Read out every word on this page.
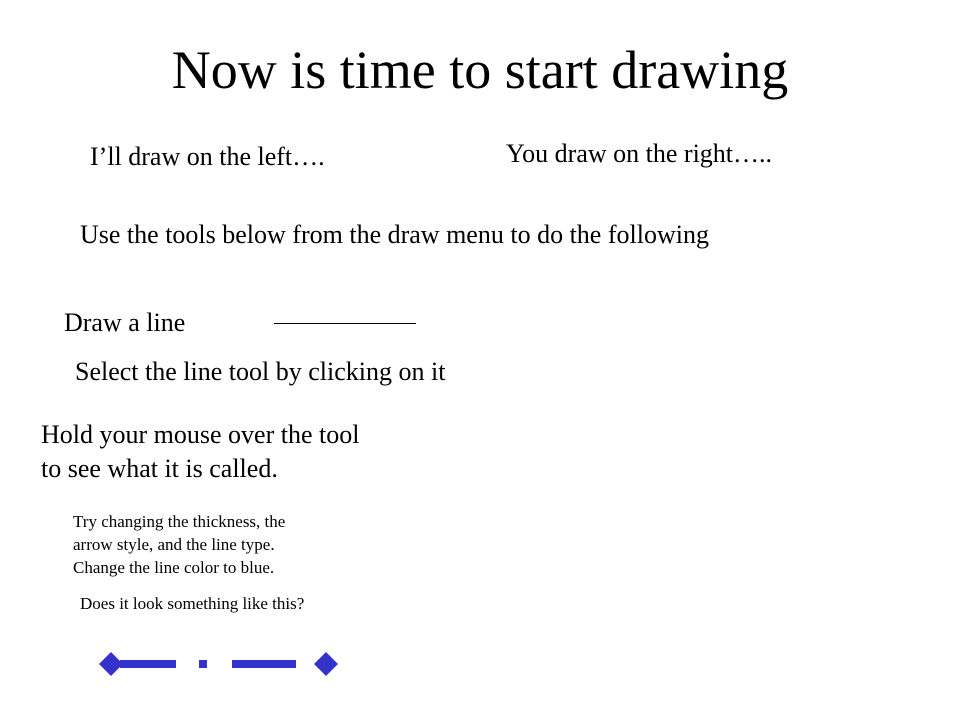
Now is time to start drawing
I’ll draw on the left….	You draw on the right…..
Use the tools below from the draw menu to do the following
Draw a line
Select the line tool by clicking on it
Hold your mouse over the tool
to see what it is called.
Try changing the thickness, the
arrow style, and the line type.
Change the line color to blue.
Does it look something like this?
